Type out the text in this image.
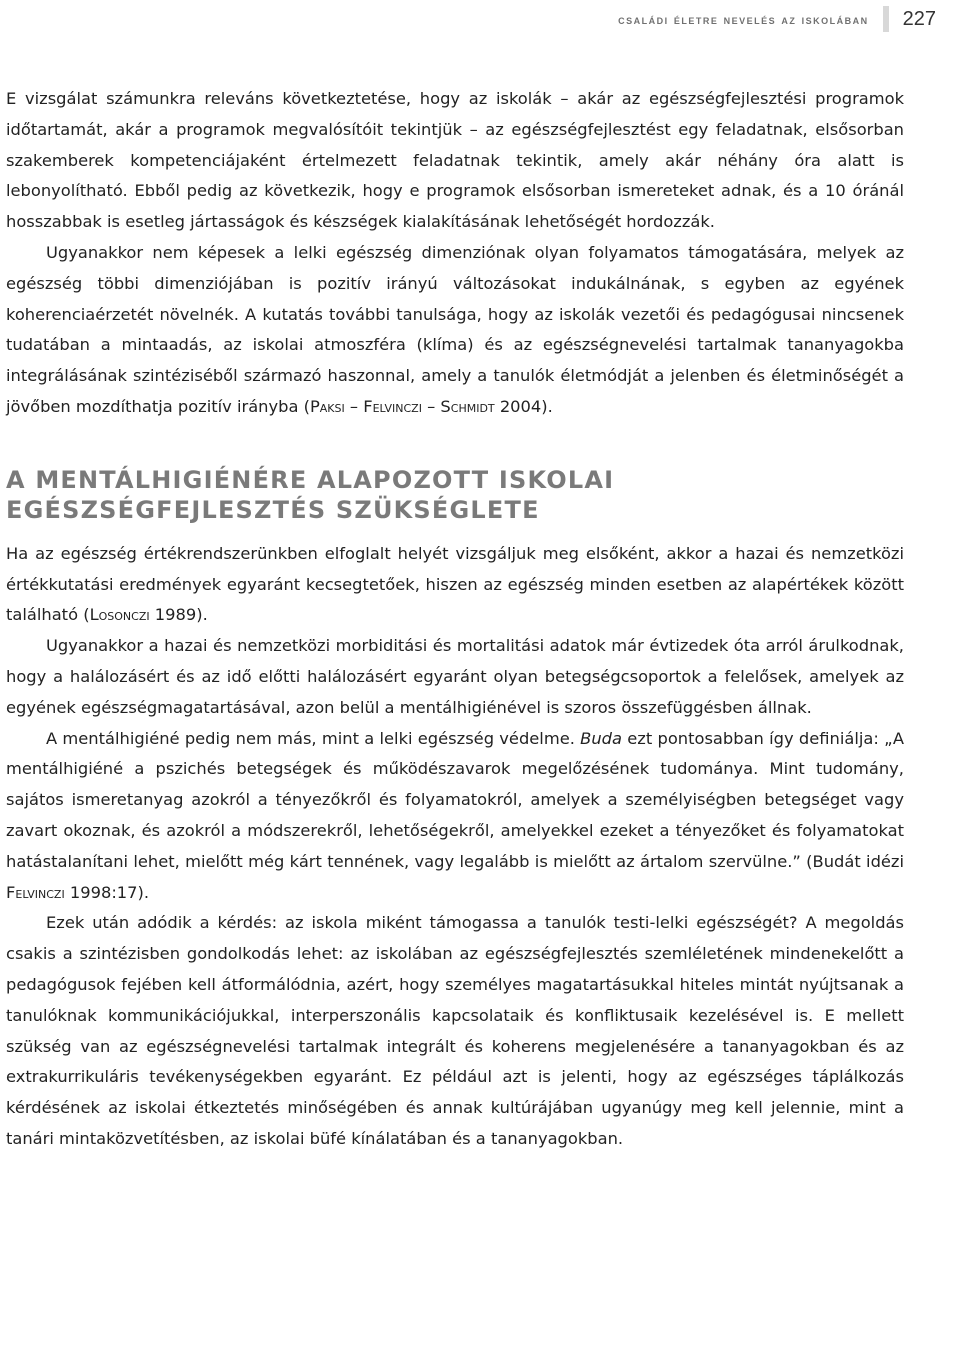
családi életre nevelés az iskolában 227

E vizsgálat számunkra releváns következtetése, hogy az iskolák – akár az egészségfejlesztési programok időtartamát, akár a programok megvalósítóit tekintjük – az egészségfejlesztést egy feladatnak, elsősorban szakemberek kompetenciájaként értelmezett feladatnak tekintik, amely akár néhány óra alatt is lebonyolítható. Ebből pedig az következik, hogy e programok elsősorban ismereteket adnak, és a 10 óránál hosszabbak is esetleg jártasságok és készségek kialakításának lehetőségét hordozzák.

Ugyanakkor nem képesek a lelki egészség dimenziónak olyan folyamatos támogatására, melyek az egészség többi dimenziójában is pozitív irányú változásokat indukálnának, s egyben az egyének koherenciaérzetét növelnék. A kutatás további tanulsága, hogy az iskolák vezetői és pedagógusai nincsenek tudatában a mintaadás, az iskolai atmoszféra (klíma) és az egészségnevelési tartalmak tananyagokba integrálásának szintéziséből származó haszonnal, amely a tanulók életmódját a jelenben és életminőségét a jövőben mozdíthatja pozitív irányba (Paksi – Felvinczi – Schmidt 2004).

A MENTÁLHIGIÉNÉRE ALAPOZOTT ISKOLAI
EGÉSZSÉGFEJLESZTÉS SZÜKSÉGLETE

Ha az egészség értékrendszerünkben elfoglalt helyét vizsgáljuk meg elsőként, akkor a hazai és nemzetközi értékkutatási eredmények egyaránt kecsegtetőek, hiszen az egészség minden esetben az alapértékek között található (Losonczi 1989).

Ugyanakkor a hazai és nemzetközi morbiditási és mortalitási adatok már évtizedek óta arról árulkodnak, hogy a halálozásért és az idő előtti halálozásért egyaránt olyan betegségcsoportok a felelősek, amelyek az egyének egészségmagatartásával, azon belül a mentálhigiénével is szoros összefüggésben állnak.

A mentálhigiéné pedig nem más, mint a lelki egészség védelme. Buda ezt pontosabban így definiálja: „A mentálhigiéné a pszichés betegségek és működészavarok megelőzésének tudománya. Mint tudomány, sajátos ismeretanyag azokról a tényezőkről és folyamatokról, amelyek a személyiségben betegséget vagy zavart okoznak, és azokról a módszerekről, lehetőségekről, amelyekkel ezeket a tényezőket és folyamatokat hatástalanítani lehet, mielőtt még kárt tennének, vagy legalább is mielőtt az ártalom szervülne.” (Budát idézi Felvinczi 1998:17).

Ezek után adódik a kérdés: az iskola miként támogassa a tanulók testi-lelki egészségét? A megoldás csakis a szintézisben gondolkodás lehet: az iskolában az egészségfejlesztés szemléletének mindenekelőtt a pedagógusok fejében kell átformálódnia, azért, hogy személyes magatartásukkal hiteles mintát nyújtsanak a tanulóknak kommunikációjukkal, interperszonális kapcsolataik és konfliktusaik kezelésével is. E mellett szükség van az egészségnevelési tartalmak integrált és koherens megjelenésére a tananyagokban és az extrakurrikuláris tevékenységekben egyaránt. Ez például azt is jelenti, hogy az egészséges táplálkozás kérdésének az iskolai étkeztetés minőségében és annak kultúrájában ugyanúgy meg kell jelennie, mint a tanári mintaközvetítésben, az iskolai büfé kínálatában és a tananyagokban.
